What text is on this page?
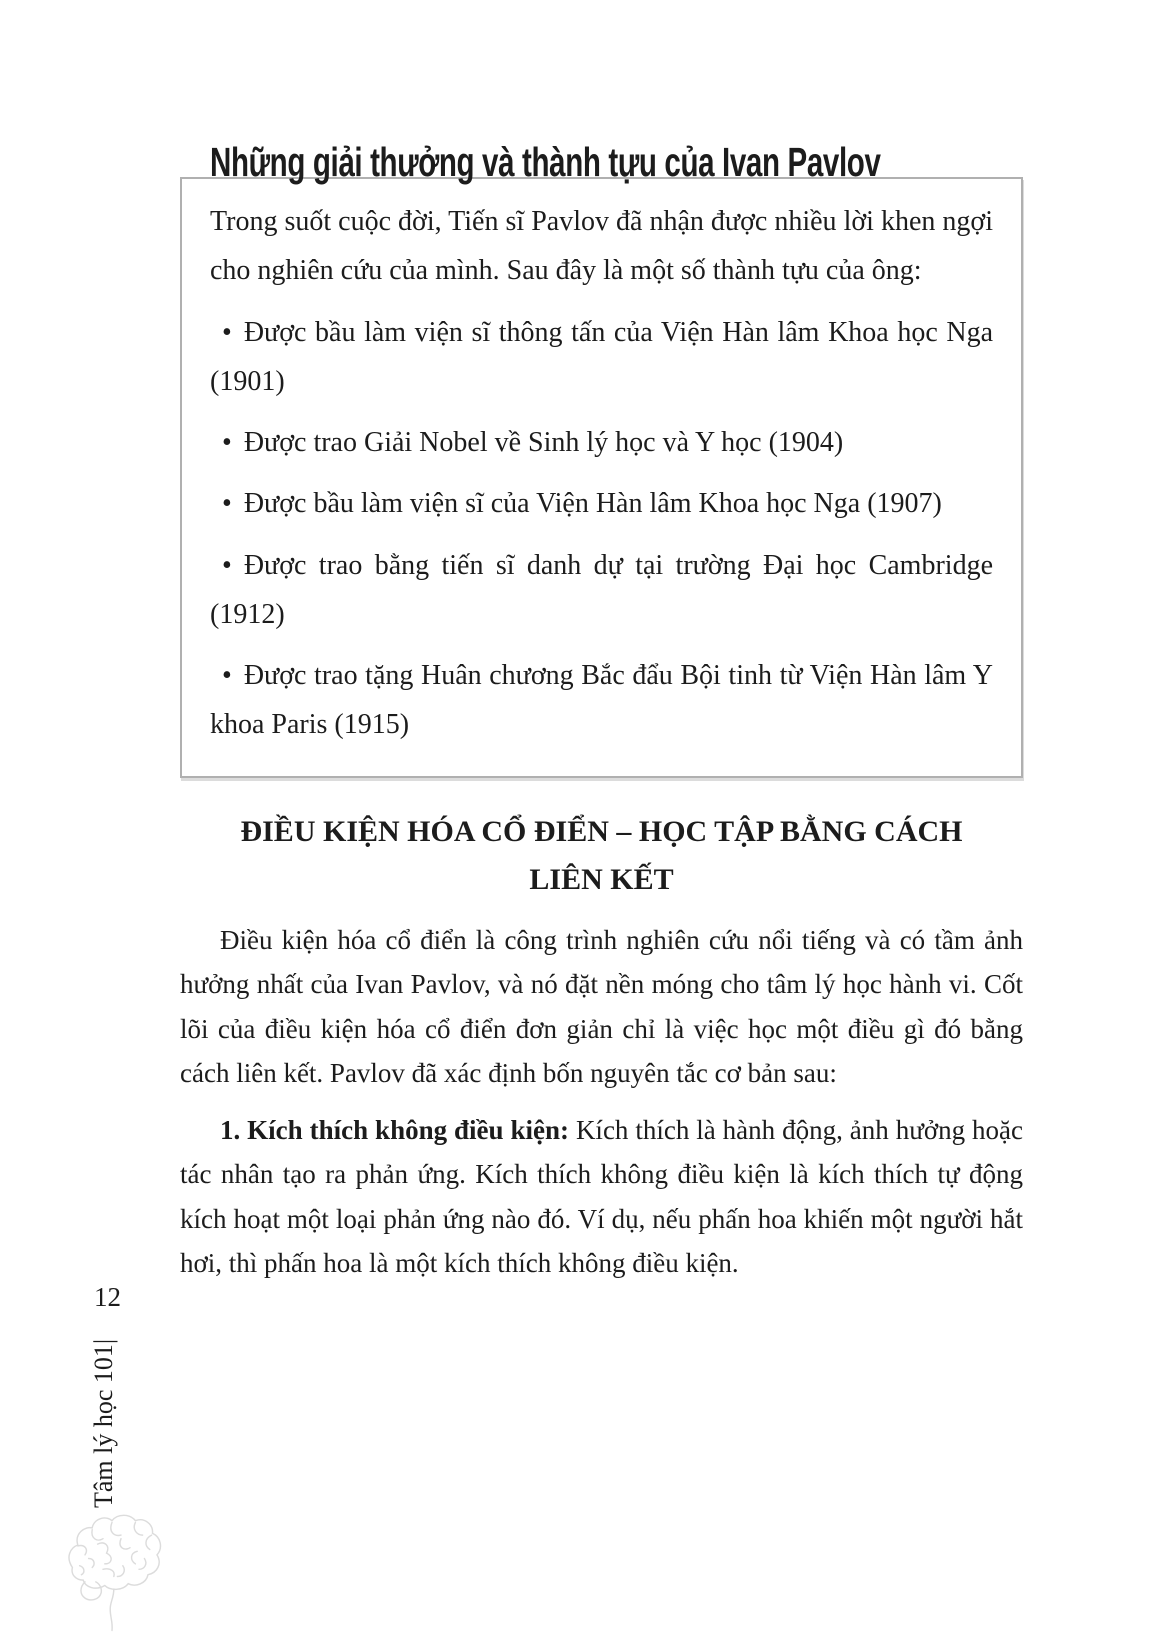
Những giải thưởng và thành tựu của Ivan Pavlov

Trong suốt cuộc đời, Tiến sĩ Pavlov đã nhận được nhiều lời khen ngợi cho nghiên cứu của mình. Sau đây là một số thành tựu của ông:

• Được bầu làm viện sĩ thông tấn của Viện Hàn lâm Khoa học Nga (1901)
• Được trao Giải Nobel về Sinh lý học và Y học (1904)
• Được bầu làm viện sĩ của Viện Hàn lâm Khoa học Nga (1907)
• Được trao bằng tiến sĩ danh dự tại trường Đại học Cambridge (1912)
• Được trao tặng Huân chương Bắc đẩu Bội tinh từ Viện Hàn lâm Y khoa Paris (1915)
ĐIỀU KIỆN HÓA CỔ ĐIỂN – HỌC TẬP BẰNG CÁCH LIÊN KẾT

Điều kiện hóa cổ điển là công trình nghiên cứu nổi tiếng và có tầm ảnh hưởng nhất của Ivan Pavlov, và nó đặt nền móng cho tâm lý học hành vi. Cốt lõi của điều kiện hóa cổ điển đơn giản chỉ là việc học một điều gì đó bằng cách liên kết. Pavlov đã xác định bốn nguyên tắc cơ bản sau:

1. Kích thích không điều kiện: Kích thích là hành động, ảnh hưởng hoặc tác nhân tạo ra phản ứng. Kích thích không điều kiện là kích thích tự động kích hoạt một loại phản ứng nào đó. Ví dụ, nếu phấn hoa khiến một người hắt hơi, thì phấn hoa là một kích thích không điều kiện.

12
Tâm lý học 101|
